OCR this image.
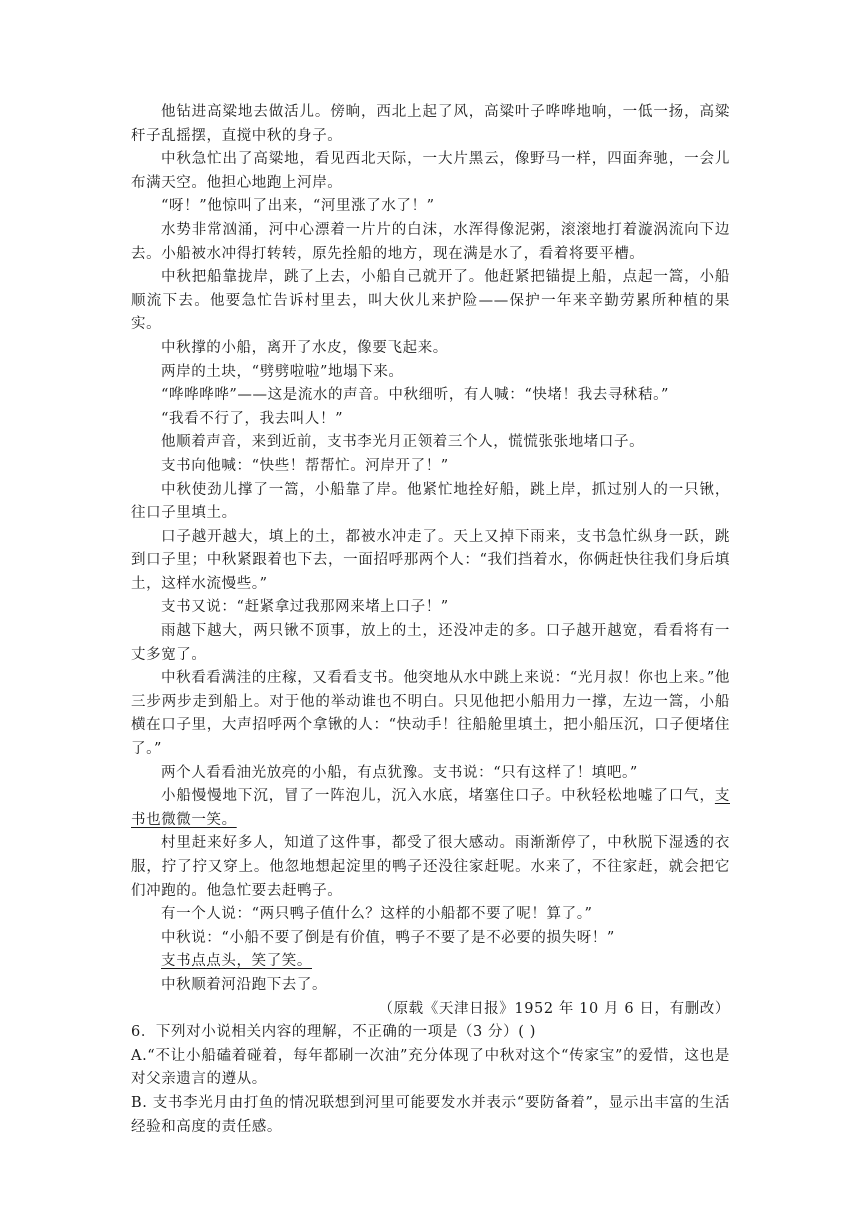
他钻进高粱地去做活儿。傍晌，西北上起了风，高粱叶子哗哗地响，一低一扬，高粱秆子乱摇摆，直搅中秋的身子。

中秋急忙出了高粱地，看见西北天际，一大片黑云，像野马一样，四面奔驰，一会儿布满天空。他担心地跑上河岸。

“呀！”他惊叫了出来，“河里涨了水了！”

水势非常汹涌，河中心漂着一片片的白沫，水浑得像泥粥，滚滚地打着漩涡流向下边去。小船被水冲得打转转，原先拴船的地方，现在满是水了，看着将要平槽。

中秋把船靠拢岸，跳了上去，小船自己就开了。他赶紧把锚提上船，点起一篙，小船顺流下去。他要急忙告诉村里去，叫大伙儿来护险——保护一年来辛勤劳累所种植的果实。

中秋撑的小船，离开了水皮，像要飞起来。

两岸的土块，“劈劈啦啦”地塌下来。

“哗哗哗哗”——这是流水的声音。中秋细听，有人喊：“快堵！我去寻秫秸。”

“我看不行了，我去叫人！”

他顺着声音，来到近前，支书李光月正领着三个人，慌慌张张地堵口子。

支书向他喊：“快些！帮帮忙。河岸开了！”

中秋使劲儿撑了一篙，小船靠了岸。他紧忙地拴好船，跳上岸，抓过别人的一只锹，往口子里填土。

口子越开越大，填上的土，都被水冲走了。天上又掉下雨来，支书急忙纵身一跃，跳到口子里；中秋紧跟着也下去，一面招呼那两个人：“我们挡着水，你俩赶快往我们身后填土，这样水流慢些。”

支书又说：“赶紧拿过我那网来堵上口子！”

雨越下越大，两只锹不顶事，放上的土，还没冲走的多。口子越开越宽，看看将有一丈多宽了。

中秋看看满洼的庄稼，又看看支书。他突地从水中跳上来说：“光月叔！你也上来。”他三步两步走到船上。对于他的举动谁也不明白。只见他把小船用力一撑，左边一篙，小船横在口子里，大声招呼两个拿锹的人：“快动手！往船舱里填土，把小船压沉，口子便堵住了。”

两个人看看油光放亮的小船，有点犹豫。支书说：“只有这样了！填吧。”

小船慢慢地下沉，冒了一阵泡儿，沉入水底，堵塞住口子。中秋轻松地嘘了口气，支书也微微一笑。

村里赶来好多人，知道了这件事，都受了很大感动。雨渐渐停了，中秋脱下湿透的衣服，拧了拧又穿上。他忽地想起淀里的鸭子还没往家赶呢。水来了，不往家赶，就会把它们冲跑的。他急忙要去赶鸭子。

有一个人说：“两只鸭子值什么？这样的小船都不要了呢！算了。”

中秋说：“小船不要了倒是有价值，鸭子不要了是不必要的损失呀！”

支书点点头，笑了笑。

中秋顺着河沿跑下去了。

（原载《天津日报》1952 年 10 月 6 日，有删改）

6．下列对小说相关内容的理解，不正确的一项是（3 分）( )

A.“不让小船磕着碰着，每年都刷一次油”充分体现了中秋对这个“传家宝”的爱惜，这也是对父亲遗言的遵从。

B. 支书李光月由打鱼的情况联想到河里可能要发水并表示“要防备着”，显示出丰富的生活经验和高度的责任感。
